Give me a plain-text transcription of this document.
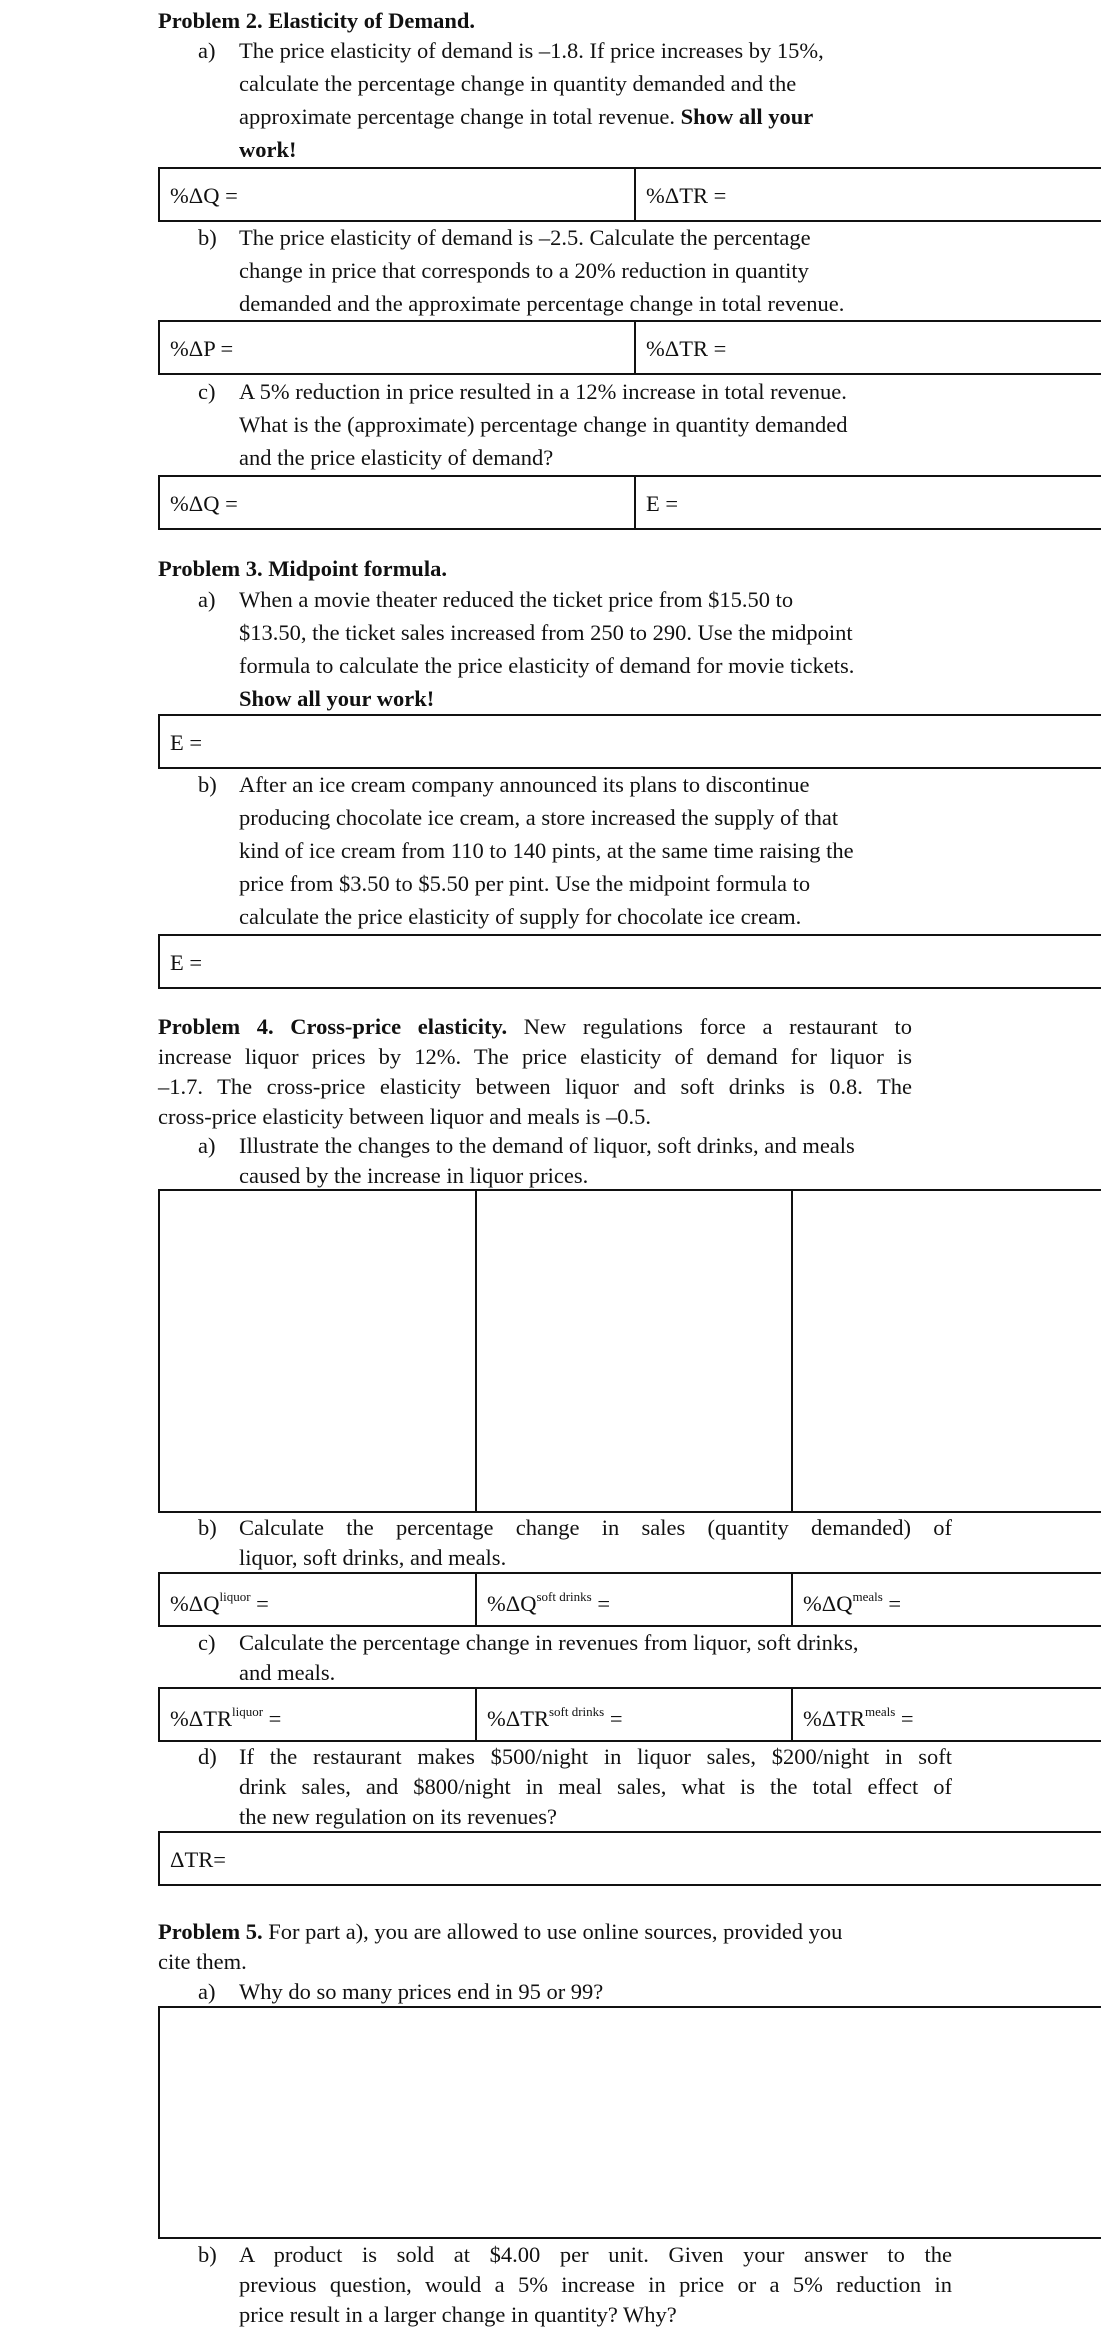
Problem 2. Elasticity of Demand.
a) The price elasticity of demand is –1.8. If price increases by 15%,
calculate the percentage change in quantity demanded and the
approximate percentage change in total revenue. Show all your
work!
%ΔQ =	%ΔTR =
b) The price elasticity of demand is –2.5. Calculate the percentage
change in price that corresponds to a 20% reduction in quantity
demanded and the approximate percentage change in total revenue.
%ΔP =	%ΔTR =
c) A 5% reduction in price resulted in a 12% increase in total revenue.
What is the (approximate) percentage change in quantity demanded
and the price elasticity of demand?
%ΔQ =	E =
Problem 3. Midpoint formula.
a) When a movie theater reduced the ticket price from $15.50 to
$13.50, the ticket sales increased from 250 to 290. Use the midpoint
formula to calculate the price elasticity of demand for movie tickets.
Show all your work!
E =
b) After an ice cream company announced its plans to discontinue
producing chocolate ice cream, a store increased the supply of that
kind of ice cream from 110 to 140 pints, at the same time raising the
price from $3.50 to $5.50 per pint. Use the midpoint formula to
calculate the price elasticity of supply for chocolate ice cream.
E =
Problem 4. Cross-price elasticity. New regulations force a restaurant to
increase liquor prices by 12%. The price elasticity of demand for liquor is
–1.7. The cross-price elasticity between liquor and soft drinks is 0.8. The
cross-price elasticity between liquor and meals is –0.5.
a) Illustrate the changes to the demand of liquor, soft drinks, and meals
caused by the increase in liquor prices.
b) Calculate the percentage change in sales (quantity demanded) of
liquor, soft drinks, and meals.
$\%\Delta Q^{liquor}$ =	$\%\Delta Q^{soft drinks}$ =	$\%\Delta Q^{meals}$ =
c) Calculate the percentage change in revenues from liquor, soft drinks,
and meals.
$\%\Delta TR^{liquor}$ =	$\%\Delta TR^{soft drinks}$ =	$\%\Delta TR^{meals}$ =
d) If the restaurant makes $500/night in liquor sales, $200/night in soft
drink sales, and $800/night in meal sales, what is the total effect of
the new regulation on its revenues?
ΔTR=
Problem 5. For part a), you are allowed to use online sources, provided you
cite them.
a) Why do so many prices end in 95 or 99?
b) A product is sold at $4.00 per unit. Given your answer to the
previous question, would a 5% increase in price or a 5% reduction in
price result in a larger change in quantity? Why?
